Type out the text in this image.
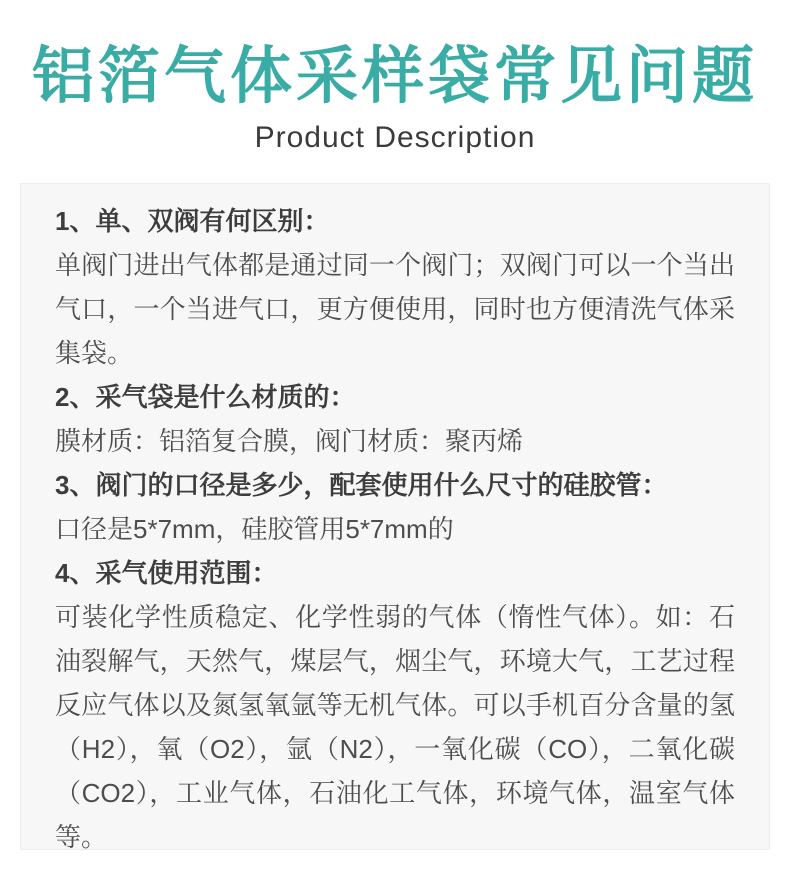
铝箔气体采样袋常见问题
Product Description

1、单、双阀有何区别：

单阀门进出气体都是通过同一个阀门；双阀门可以一个当出气口，一个当进气口，更方便使用，同时也方便清洗气体采集袋。

2、采气袋是什么材质的：

膜材质：铝箔复合膜，阀门材质：聚丙烯

3、阀门的口径是多少，配套使用什么尺寸的硅胶管：

口径是5*7mm，硅胶管用5*7mm的

4、采气使用范围：

可装化学性质稳定、化学性弱的气体（惰性气体）。如：石油裂解气，天然气，煤层气，烟尘气，环境大气，工艺过程反应气体以及氮氢氧氩等无机气体。可以手机百分含量的氢（H2），氧（O2），氩（N2），一氧化碳（CO），二氧化碳（CO2），工业气体，石油化工气体，环境气体，温室气体等。
